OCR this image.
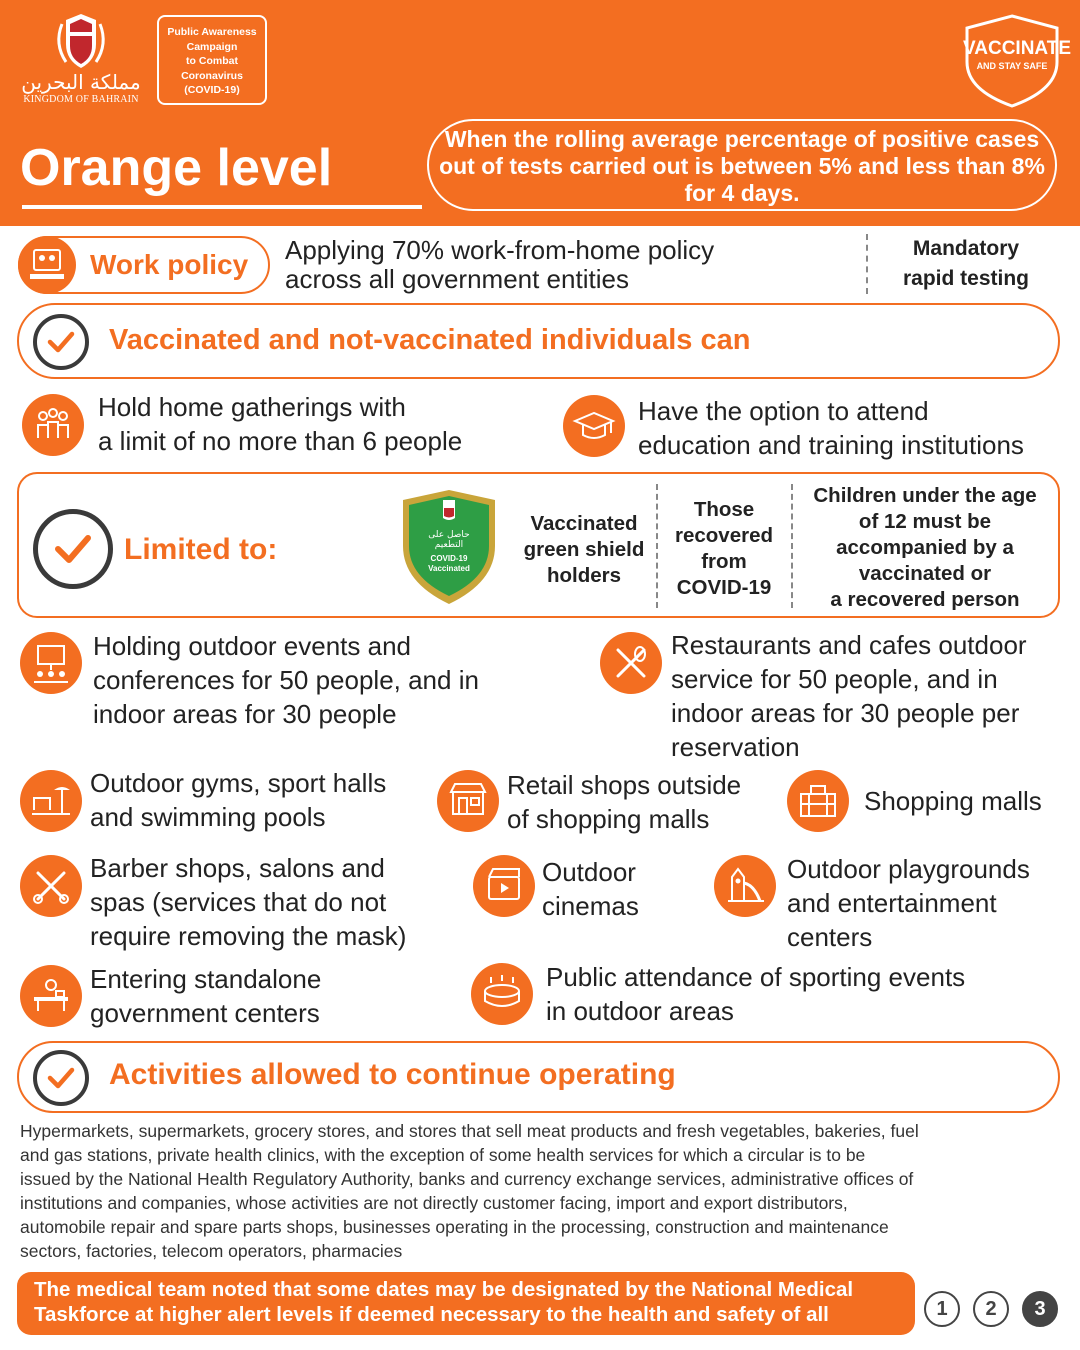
مملكة البحرين
KINGDOM OF BAHRAIN
Public Awareness
Campaign
to Combat
Coronavirus
(COVID-19)
VACCINATE
AND STAY SAFE
Orange level	When the rolling average percentage of positive cases out of tests carried out is between 5% and less than 8% for 4 days.
Work policy Applying 70% work-from-home policy
across all government entities
Mandatory
rapid testing
Vaccinated and not-vaccinated individuals can
Hold home gatherings with
a limit of no more than 6 people
Have the option to attend
education and training institutions
Limited to:	حاصل على
التطعيم
COVID-19
Vaccinated
Vaccinated
green shield
holders
Those
recovered
from
COVID-19
Children under the age
of 12 must be
accompanied by a
vaccinated or
a recovered person
Holding outdoor events and
conferences for 50 people, and in
indoor areas for 30 people
Restaurants and cafes outdoor
service for 50 people, and in
indoor areas for 30 people per
reservation
Outdoor gyms, sport halls
and swimming pools
Retail shops outside
of shopping malls
Shopping malls
Barber shops, salons and
spas (services that do not
require removing the mask)
Outdoor
cinemas
Outdoor playgrounds
and entertainment
centers
Entering standalone
government centers
Public attendance of sporting events
in outdoor areas
Activities allowed to continue operating
Hypermarkets, supermarkets, grocery stores, and stores that sell meat products and fresh vegetables, bakeries, fuel
and gas stations, private health clinics, with the exception of some health services for which a circular is to be
issued by the National Health Regulatory Authority, banks and currency exchange services, administrative offices of
institutions and companies, whose activities are not directly customer facing, import and export distributors,
automobile repair and spare parts shops, businesses operating in the processing, construction and maintenance
sectors, factories, telecom operators, pharmacies
The medical team noted that some dates may be designated by the National Medical
Taskforce at higher alert levels if deemed necessary to the health and safety of all	1	2	3
